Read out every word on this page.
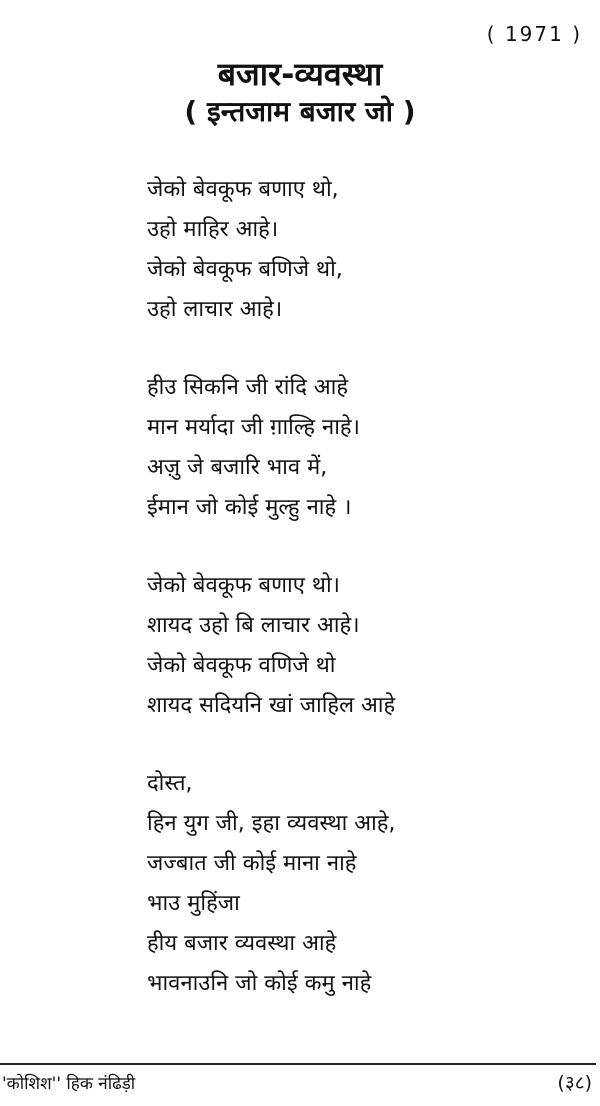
( 1971 )
बजार-व्यवस्था
( इन्तजाम बजार जो )
जेको बेवकूफ बणाए थो,
उहो माहिर आहे।
जेको बेवकूफ बणिजे थो,
उहो लाचार आहे।
हीउ सिकनि जी रांदि आहे
मान मर्यादा जी ग़ाल्हि नाहे।
अज़ु जे बजारि भाव में,
ईमान जो कोई मुल्हु नाहे ।
जेको बेवकूफ बणाए थो।
शायद उहो बि लाचार आहे।
जेको बेवकूफ वणिजे थो
शायद सदियनि खां जाहिल आहे
दोस्त,
हिन युग जी, इहा व्यवस्था आहे,
जज्बात जी कोई माना नाहे
भाउ मुहिंजा
हीय बजार व्यवस्था आहे
भावनाउनि जो कोई कमु नाहे
'कोशिश'' हिक नंढिड़ी	(३८)
